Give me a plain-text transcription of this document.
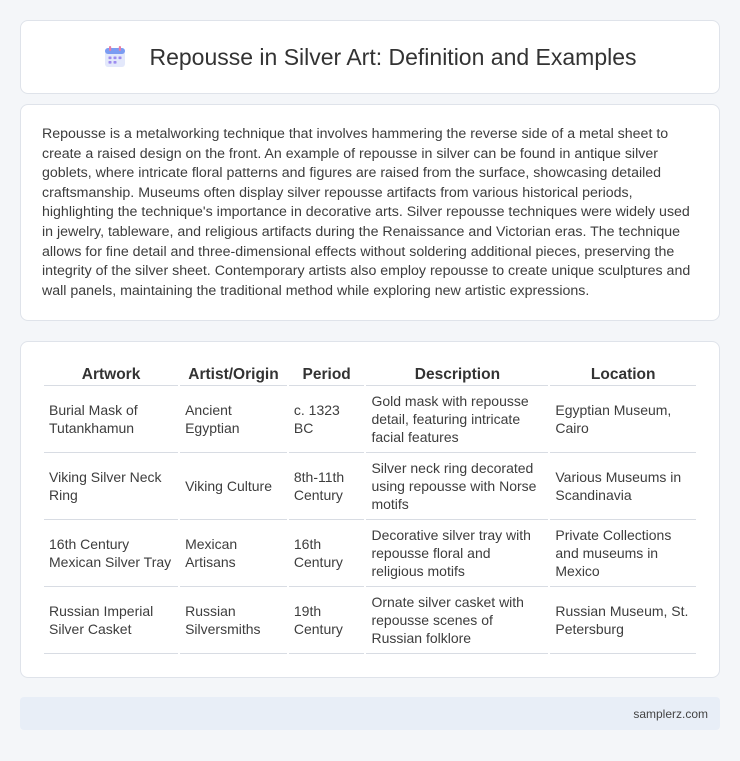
Repousse in Silver Art: Definition and Examples

Repousse is a metalworking technique that involves hammering the reverse side of a metal sheet to create a raised design on the front. An example of repousse in silver can be found in antique silver goblets, where intricate floral patterns and figures are raised from the surface, showcasing detailed craftsmanship. Museums often display silver repousse artifacts from various historical periods, highlighting the technique's importance in decorative arts. Silver repousse techniques were widely used in jewelry, tableware, and religious artifacts during the Renaissance and Victorian eras. The technique allows for fine detail and three-dimensional effects without soldering additional pieces, preserving the integrity of the silver sheet. Contemporary artists also employ repousse to create unique sculptures and wall panels, maintaining the traditional method while exploring new artistic expressions.

Artwork	Artist/Origin	Period	Description	Location
Burial Mask of Tutankhamun	Ancient Egyptian	c. 1323 BC	Gold mask with repousse detail, featuring intricate facial features	Egyptian Museum, Cairo
Viking Silver Neck Ring	Viking Culture	8th-11th Century	Silver neck ring decorated using repousse with Norse motifs	Various Museums in Scandinavia
16th Century Mexican Silver Tray	Mexican Artisans	16th Century	Decorative silver tray with repousse floral and religious motifs	Private Collections and museums in Mexico
Russian Imperial Silver Casket	Russian Silversmiths	19th Century	Ornate silver casket with repousse scenes of Russian folklore	Russian Museum, St. Petersburg
samplerz.com
